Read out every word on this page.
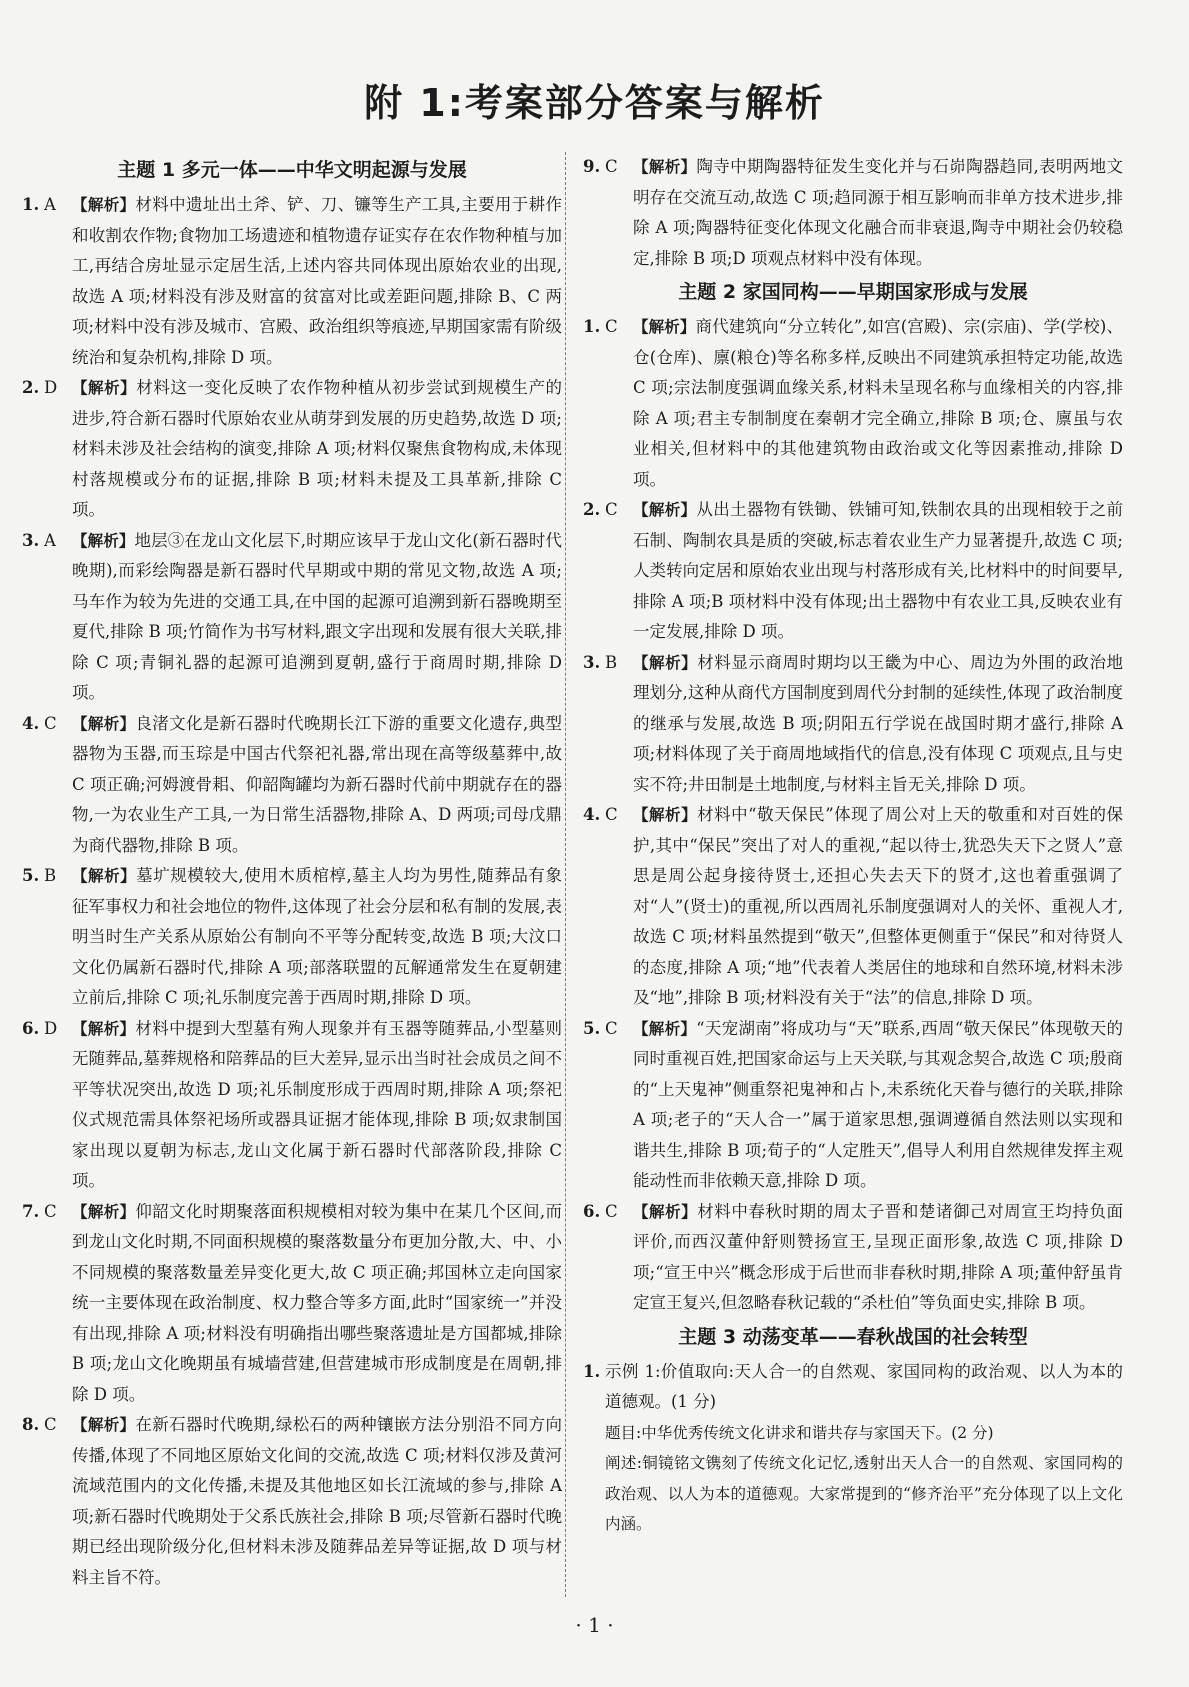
附 1:考案部分答案与解析
主题 1 多元一体——中华文明起源与发展
1. A	【解析】材料中遗址出土斧、铲、刀、镰等生产工具,主要用于耕作和收割农作物;食物加工场遗迹和植物遗存证实存在农作物种植与加工,再结合房址显示定居生活,上述内容共同体现出原始农业的出现,故选 A 项;材料没有涉及财富的贫富对比或差距问题,排除 B、C 两项;材料中没有涉及城市、宫殿、政治组织等痕迹,早期国家需有阶级统治和复杂机构,排除 D 项。
2. D 【解析】材料这一变化反映了农作物种植从初步尝试到规模生产的进步,符合新石器时代原始农业从萌芽到发展的历史趋势,故选 D 项;材料未涉及社会结构的演变,排除 A 项;材料仅聚焦食物构成,未体现村落规模或分布的证据,排除 B 项;材料未提及工具革新,排除 C 项。
3. A	【解析】地层③在龙山文化层下,时期应该早于龙山文化(新石器时代晚期),而彩绘陶器是新石器时代早期或中期的常见文物,故选 A 项;马车作为较为先进的交通工具,在中国的起源可追溯到新石器晚期至夏代,排除 B 项;竹简作为书写材料,跟文字出现和发展有很大关联,排除 C 项;青铜礼器的起源可追溯到夏朝,盛行于商周时期,排除 D 项。
4. C 【解析】良渚文化是新石器时代晚期长江下游的重要文化遗存,典型器物为玉器,而玉琮是中国古代祭祀礼器,常出现在高等级墓葬中,故 C 项正确;河姆渡骨耜、仰韶陶罐均为新石器时代前中期就存在的器物,一为农业生产工具,一为日常生活器物,排除 A、D 两项;司母戊鼎为商代器物,排除 B 项。
5. B	【解析】墓圹规模较大,使用木质棺椁,墓主人均为男性,随葬品有象征军事权力和社会地位的物件,这体现了社会分层和私有制的发展,表明当时生产关系从原始公有制向不平等分配转变,故选 B 项;大汶口文化仍属新石器时代,排除 A 项;部落联盟的瓦解通常发生在夏朝建立前后,排除 C 项;礼乐制度完善于西周时期,排除 D 项。
6. D 【解析】材料中提到大型墓有殉人现象并有玉器等随葬品,小型墓则无随葬品,墓葬规格和陪葬品的巨大差异,显示出当时社会成员之间不平等状况突出,故选 D 项;礼乐制度形成于西周时期,排除 A 项;祭祀仪式规范需具体祭祀场所或器具证据才能体现,排除 B 项;奴隶制国家出现以夏朝为标志,龙山文化属于新石器时代部落阶段,排除 C 项。
7. C 【解析】仰韶文化时期聚落面积规模相对较为集中在某几个区间,而到龙山文化时期,不同面积规模的聚落数量分布更加分散,大、中、小不同规模的聚落数量差异变化更大,故 C 项正确;邦国林立走向国家统一主要体现在政治制度、权力整合等多方面,此时“国家统一”并没有出现,排除 A 项;材料没有明确指出哪些聚落遗址是方国都城,排除 B 项;龙山文化晚期虽有城墙营建,但营建城市形成制度是在周朝,排除 D 项。
8. C 【解析】在新石器时代晚期,绿松石的两种镶嵌方法分别沿不同方向传播,体现了不同地区原始文化间的交流,故选 C 项;材料仅涉及黄河流域范围内的文化传播,未提及其他地区如长江流域的参与,排除 A 项;新石器时代晚期处于父系氏族社会,排除 B 项;尽管新石器时代晚期已经出现阶级分化,但材料未涉及随葬品差异等证据,故 D 项与材料主旨不符。
9. C 【解析】陶寺中期陶器特征发生变化并与石峁陶器趋同,表明两地文明存在交流互动,故选 C 项;趋同源于相互影响而非单方技术进步,排除 A 项;陶器特征变化体现文化融合而非衰退,陶寺中期社会仍较稳定,排除 B 项;D 项观点材料中没有体现。
主题 2 家国同构——早期国家形成与发展
1. C 【解析】商代建筑向“分立转化”,如宫(宫殿)、宗(宗庙)、学(学校)、仓(仓库)、廪(粮仓)等名称多样,反映出不同建筑承担特定功能,故选 C 项;宗法制度强调血缘关系,材料未呈现名称与血缘相关的内容,排除 A 项;君主专制制度在秦朝才完全确立,排除 B 项;仓、廪虽与农业相关,但材料中的其他建筑物由政治或文化等因素推动,排除 D 项。
2. C 【解析】从出土器物有铁锄、铁铺可知,铁制农具的出现相较于之前石制、陶制农具是质的突破,标志着农业生产力显著提升,故选 C 项;人类转向定居和原始农业出现与村落形成有关,比材料中的时间要早,排除 A 项;B 项材料中没有体现;出土器物中有农业工具,反映农业有一定发展,排除 D 项。
3. B	【解析】材料显示商周时期均以王畿为中心、周边为外围的政治地理划分,这种从商代方国制度到周代分封制的延续性,体现了政治制度的继承与发展,故选 B 项;阴阳五行学说在战国时期才盛行,排除 A 项;材料体现了关于商周地域指代的信息,没有体现 C 项观点,且与史实不符;井田制是土地制度,与材料主旨无关,排除 D 项。
4. C 【解析】材料中“敬天保民”体现了周公对上天的敬重和对百姓的保护,其中“保民”突出了对人的重视,“起以待士,犹恐失天下之贤人”意思是周公起身接待贤士,还担心失去天下的贤才,这也着重强调了对“人”(贤士)的重视,所以西周礼乐制度强调对人的关怀、重视人才,故选 C 项;材料虽然提到“敬天”,但整体更侧重于“保民”和对待贤人的态度,排除 A 项;“地”代表着人类居住的地球和自然环境,材料未涉及“地”,排除 B 项;材料没有关于“法”的信息,排除 D 项。
5. C 【解析】“天宠湖南”将成功与“天”联系,西周“敬天保民”体现敬天的同时重视百姓,把国家命运与上天关联,与其观念契合,故选 C 项;殷商的“上天鬼神”侧重祭祀鬼神和占卜,未系统化天眷与德行的关联,排除 A 项;老子的“天人合一”属于道家思想,强调遵循自然法则以实现和谐共生,排除 B 项;荀子的“人定胜天”,倡导人利用自然规律发挥主观能动性而非依赖天意,排除 D 项。
6. C 【解析】材料中春秋时期的周太子晋和楚诸御己对周宣王均持负面评价,而西汉董仲舒则赞扬宣王,呈现正面形象,故选 C 项,排除 D 项;“宣王中兴”概念形成于后世而非春秋时期,排除 A 项;董仲舒虽肯定宣王复兴,但忽略春秋记载的“杀杜伯”等负面史实,排除 B 项。
主题 3 动荡变革——春秋战国的社会转型
1. 示例 1:价值取向:天人合一的自然观、家国同构的政治观、以人为本的道德观。(1 分)
题目:中华优秀传统文化讲求和谐共存与家国天下。(2 分)
阐述:铜镜铭文镌刻了传统文化记忆,透射出天人合一的自然观、家国同构的政治观、以人为本的道德观。大家常提到的“修齐治平”充分体现了以上文化内涵。
· 1 ·
